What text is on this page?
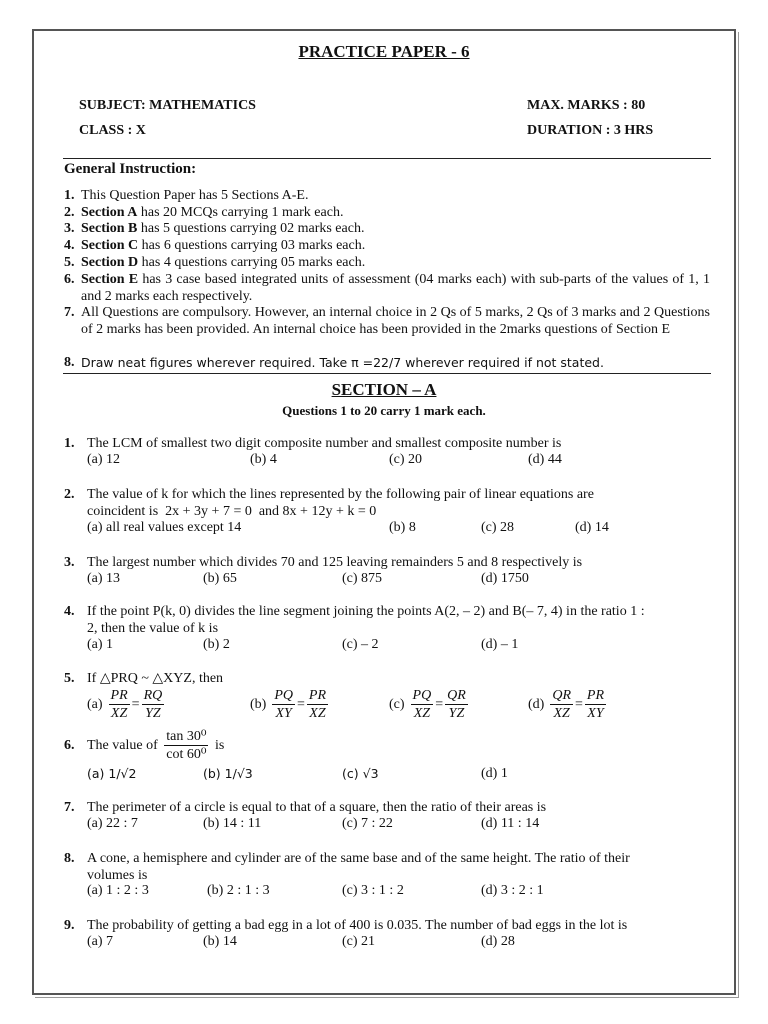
PRACTICE PAPER - 6
SUBJECT: MATHEMATICS	MAX. MARKS : 80
CLASS : X	DURATION : 3 HRS
General Instruction:
1. This Question Paper has 5 Sections A-E.
2. Section A has 20 MCQs carrying 1 mark each.
3. Section B has 5 questions carrying 02 marks each.
4. Section C has 6 questions carrying 03 marks each.
5. Section D has 4 questions carrying 05 marks each.
6. Section E has 3 case based integrated units of assessment (04 marks each) with sub-parts of the values of 1, 1 and 2 marks each respectively.
7. All Questions are compulsory. However, an internal choice in 2 Qs of 5 marks, 2 Qs of 3 marks and 2 Questions of 2 marks has been provided. An internal choice has been provided in the 2marks questions of Section E
8. Draw neat figures wherever required. Take π =22/7 wherever required if not stated.
SECTION – A
Questions 1 to 20 carry 1 mark each.
1. The LCM of smallest two digit composite number and smallest composite number is
(a) 12	(b) 4	(c) 20	(d) 44
2. The value of k for which the lines represented by the following pair of linear equations are
coincident is  2x + 3y + 7 = 0  and 8x + 12y + k = 0
(a) all real values except 14	(b) 8	(c) 28	(d) 14
3. The largest number which divides 70 and 125 leaving remainders 5 and 8 respectively is
(a) 13	(b) 65	(c) 875	(d) 1750
4. If the point P(k, 0) divides the line segment joining the points A(2, – 2) and B(– 7, 4) in the ratio 1 :
2, then the value of k is
(a) 1	(b) 2	(c) – 2	(d) – 1
5. If △PRQ ~ △XYZ, then
$(a) \frac{PR}{XZ} = \frac{RQ}{YZ}$	$(b) \frac{PQ}{XY} = \frac{PR}{XZ}$	$(c) \frac{PQ}{XZ} = \frac{QR}{YZ}$	$(d) \frac{QR}{XZ} = \frac{PR}{XY}$
6. The value of $\frac{\text{tan 30⁰}}{\text{cot 60⁰}}$ is
(a) 1/√2	(b) 1/√3	(c) √3	(d) 1
7. The perimeter of a circle is equal to that of a square, then the ratio of their areas is
(a) 22 : 7	(b) 14 : 11	(c) 7 : 22	(d) 11 : 14
8. A cone, a hemisphere and cylinder are of the same base and of the same height. The ratio of their
volumes is
(a) 1 : 2 : 3	(b) 2 : 1 : 3	(c) 3 : 1 : 2	(d) 3 : 2 : 1
9. The probability of getting a bad egg in a lot of 400 is 0.035. The number of bad eggs in the lot is
(a) 7	(b) 14	(c) 21	(d) 28
